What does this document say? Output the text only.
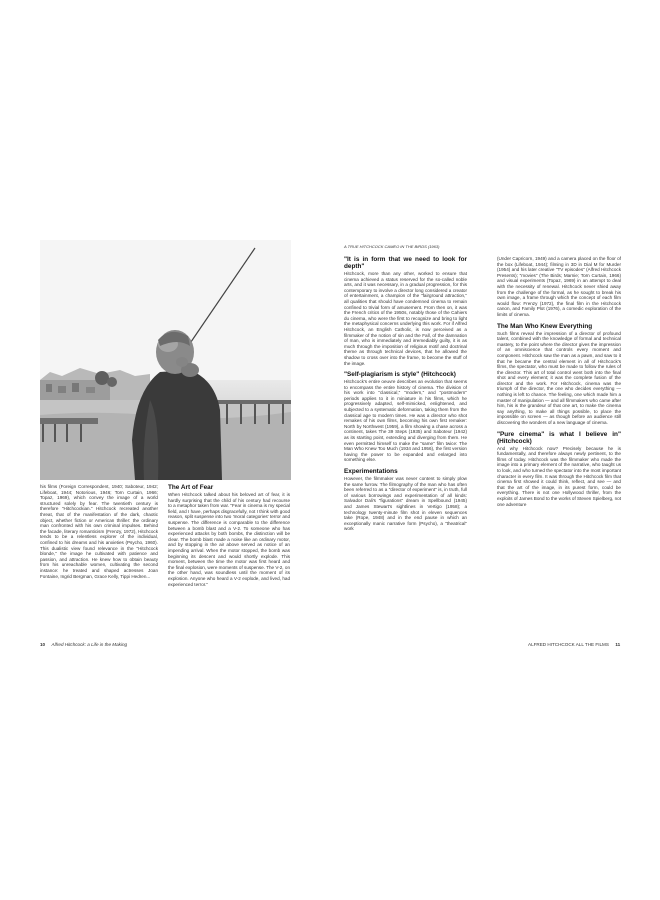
A TRUE HITCHCOCK CAMEO IN THE BIRDS (1963)

his films (Foreign Correspondent, 1940; Saboteur, 1942; Lifeboat, 1944; Notorious, 1946; Torn Curtain, 1966; Topaz, 1969), which convey the image of a world structured solely by fear. The twentieth century is therefore "Hitchcockian." Hitchcock recreated another threat, that of the manifestation of the dark, chaotic object, whether fiction or American thriller: the ordinary man confronted with his own criminal impulses. Behind the facade, literary romanticism (Frenzy, 1972), Hitchcock tends to be a relentless explorer of the individual, confined to his dreams and his anxieties (Psycho, 1960). This dualistic view found relevance in the "Hitchcock blonde," the image he cultivated with patience and passion, and attraction. He knew how to obtain beauty from his unreachable women, cultivating the second instance: he treated and shaped actresses Joan Fontaine, Ingrid Bergman, Grace Kelly, Tippi Hedren...

The Art of Fear

When Hitchcock talked about his beloved art of fear, it is hardly surprising that the child of his century had recourse to a metaphor taken from war. "Fear in cinema is my special field, and I have, perhaps disgracefully, not I think with good reason, split suspense into two 'moral categories' terror and suspense. The difference is comparable to the difference between a bomb blast and a V-2. To someone who has experienced attacks by both bombs, the distinction will be clear. The bomb blast made a noise like an ordinary motor, and by stopping in the air above served as notice of an impending arrival. When the motor stopped, the bomb was beginning its descent and would shortly explode. This moment, between the time the motor was first heard and the final explosion, were moments of suspense. The V-2, on the other hand, was soundless until the moment of its explosion. Anyone who heard a V-2 explode, and lived, had experienced terror."

"It is in form that we need to look for depth"

Hitchcock, more than any other, worked to ensure that cinema achieved a status reserved for the so-called noble arts, and it was necessary, in a gradual progression, for this contemporary to involve a director long considered a creator of entertainment, a champion of the "fairground attraction," all qualities that should have condemned cinema to remain confined to trivial form of amusement. From then on, it was the French critics of the 1950s, notably those of the Cahiers du cinema, who were the first to recognize and bring to light the metaphysical concerns underlying this work. For if Alfred Hitchcock, an English Catholic, is now perceived as a filmmaker of the notion of sin and the Fall, of the damnation of man, who is immediately and irremediably guilty, it is as much through the imposition of religious motif and doctrinal theme as through technical devices, that he allowed the shadow to cross over into the frame, to become the stuff of the image.

"Self-plagiarism is style" (Hitchcock)

Hitchcock's entire oeuvre describes an evolution that seems to encompass the entire history of cinema. The division of his work into "classical," "modern," and "postmodern" periods applies to it in miniature in his films, which he progressively adapted, self-mimicked, enlightened, and subjected to a systematic deformation, taking them from the classical age to modern times. He was a director who shot remakes of his own films, becoming his own first remaker: North by Northwest (1959), a film showing a chase across a continent, takes The 39 Steps (1935) and Saboteur (1942) as its starting point, extending and diverging from them. He even permitted himself to make the "same" film twice: The Man Who Knew Too Much (1934 and 1956), the first version having the power to be expanded and enlarged into something else.

Experimentations

However, the filmmaker was never content to simply plow the same furrow. The filmography of the man who has often been referred to as a "director of experiment" is, in truth, full of various borrowings and experimentation of all kinds: Salvador Dali's "figurations" dream in Spellbound (1945) and James Stewart's sightlines in Vertigo (1958); a technology twenty-minute film shot in eleven sequences take (Rope, 1948) and in the end pause in which an exceptionally manic narrative form (Psycho), a "theatrical" work

(Under Capricorn, 1949) and a camera placed on the floor of the box (Lifeboat, 1944); filming in 3D in Dial M for Murder (1954) and his later creative "TV episodes" (Alfred Hitchcock Presents); "movies" (The Birds; Marnie; Torn Curtain, 1966) and visual experiments (Topaz, 1969) in an attempt to deal with the necessity of renewal. Hitchcock never shied away from the challenge of the formal, as he sought to break his own image, a frame through which the concept of each film would flow: Frenzy (1972), the final film in the Hitchcock canon, and Family Plot (1976), a comedic exploration of the limits of cinema.

The Man Who Knew Everything

Such films reveal the impression of a director of profound talent, combined with the knowledge of formal and technical mastery, to the point where the director gives the impression of an omniscience that controls every moment and component. Hitchcock saw the man as a pawn, and saw to it that he became the central element in all of Hitchcock's films, the spectator, who must be made to follow the rules of the director. This art of total control went both into the final shot and every element; it was the complete fusion of the director and the work. For Hitchcock, cinema was the triumph of the director, the one who decides everything — nothing is left to chance. The feeling, one which made him a master of manipulation — and all filmmakers who came after him, his is the grandeur of that one art, to make the cinema say anything, to make all things possible, to place the impossible on screen — as though before an audience still discovering the wonders of a new language of cinema.

"Pure cinema" is what I believe in" (Hitchcock)

And why Hitchcock now? Precisely because he is fundamentally, and therefore always newly pertinent, to the films of today. Hitchcock was the filmmaker who made the image into a primary element of the narrative, who taught us to look, and who turned the spectator into the most important character in every film. It was through the Hitchcock film that cinema first showed it could think, reflect, and see — and that the art of the image, in its purest form, could be everything. There is not one Hollywood thriller, from the exploits of James Bond to the works of Steven Spielberg, not one adventure

10 Alfred Hitchcock: a Life in the Making	ALFRED HITCHCOCK ALL THE FILMS 11
